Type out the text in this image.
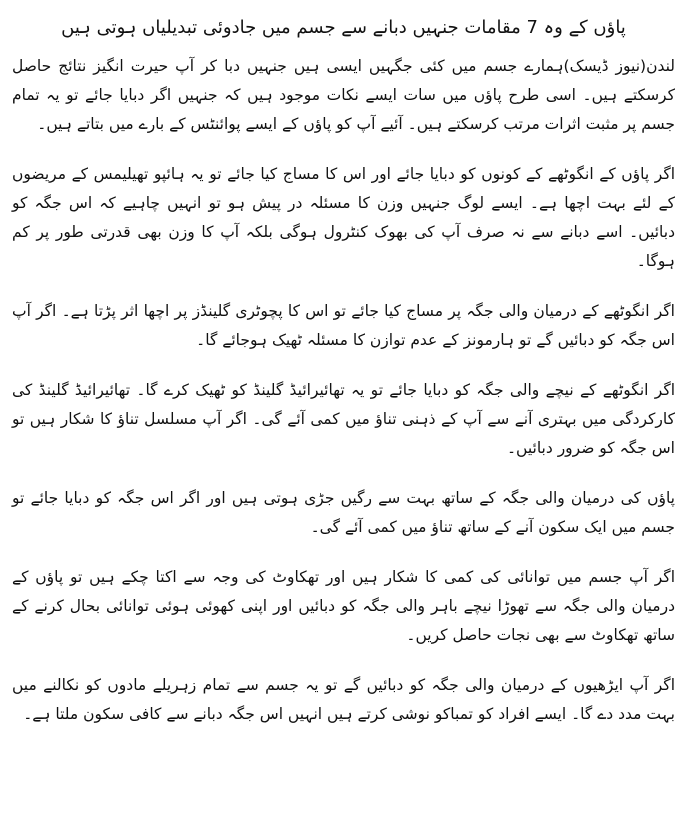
پاؤں کے وہ 7 مقامات جنہیں دبانے سے جسم میں جادوئی تبدیلیاں ہوتی ہیں

لندن(نیوز ڈیسک)ہمارے جسم میں کئی جگہیں ایسی ہیں جنہیں دبا کر آپ حیرت انگیز نتائج حاصل کرسکتے ہیں۔ اسی طرح پاؤں میں سات ایسے نکات موجود ہیں کہ جنہیں اگر دبایا جائے تو یہ تمام جسم پر مثبت اثرات مرتب کرسکتے ہیں۔ آئیے آپ کو پاؤں کے ایسے پوائنٹس کے بارے میں بتاتے ہیں۔

اگر پاؤں کے انگوٹھے کے کونوں کو دبایا جائے اور اس کا مساج کیا جائے تو یہ ہائپو تھیلیمس کے مریضوں کے لئے بہت اچھا ہے۔ ایسے لوگ جنہیں وزن کا مسئلہ در پیش ہو تو انہیں چاہیے کہ اس جگہ کو دبائیں۔ اسے دبانے سے نہ صرف آپ کی بھوک کنٹرول ہوگی بلکہ آپ کا وزن بھی قدرتی طور پر کم ہوگا۔

اگر انگوٹھے کے درمیان والی جگہ پر مساج کیا جائے تو اس کا پچوٹری گلینڈز پر اچھا اثر پڑتا ہے۔ اگر آپ اس جگہ کو دبائیں گے تو ہارمونز کے عدم توازن کا مسئلہ ٹھیک ہوجائے گا۔

اگر انگوٹھے کے نیچے والی جگہ کو دبایا جائے تو یہ تھائیرائیڈ گلینڈ کو ٹھیک کرے گا۔ تھائیرائیڈ گلینڈ کی کارکردگی میں بہتری آنے سے آپ کے ذہنی تناؤ میں کمی آئے گی۔ اگر آپ مسلسل تناؤ کا شکار ہیں تو اس جگہ کو ضرور دبائیں۔

پاؤں کی درمیان والی جگہ کے ساتھ بہت سے رگیں جڑی ہوتی ہیں اور اگر اس جگہ کو دبایا جائے تو جسم میں ایک سکون آنے کے ساتھ تناؤ میں کمی آئے گی۔

اگر آپ جسم میں توانائی کی کمی کا شکار ہیں اور تھکاوٹ کی وجہ سے اکتا چکے ہیں تو پاؤں کے درمیان والی جگہ سے تھوڑا نیچے باہر والی جگہ کو دبائیں اور اپنی کھوئی ہوئی توانائی بحال کرنے کے ساتھ تھکاوٹ سے بھی نجات حاصل کریں۔

اگر آپ ایڑھیوں کے درمیان والی جگہ کو دبائیں گے تو یہ جسم سے تمام زہریلے مادوں کو نکالنے میں بہت مدد دے گا۔ ایسے افراد کو تمباکو نوشی کرتے ہیں انہیں اس جگہ دبانے سے کافی سکون ملتا ہے۔
